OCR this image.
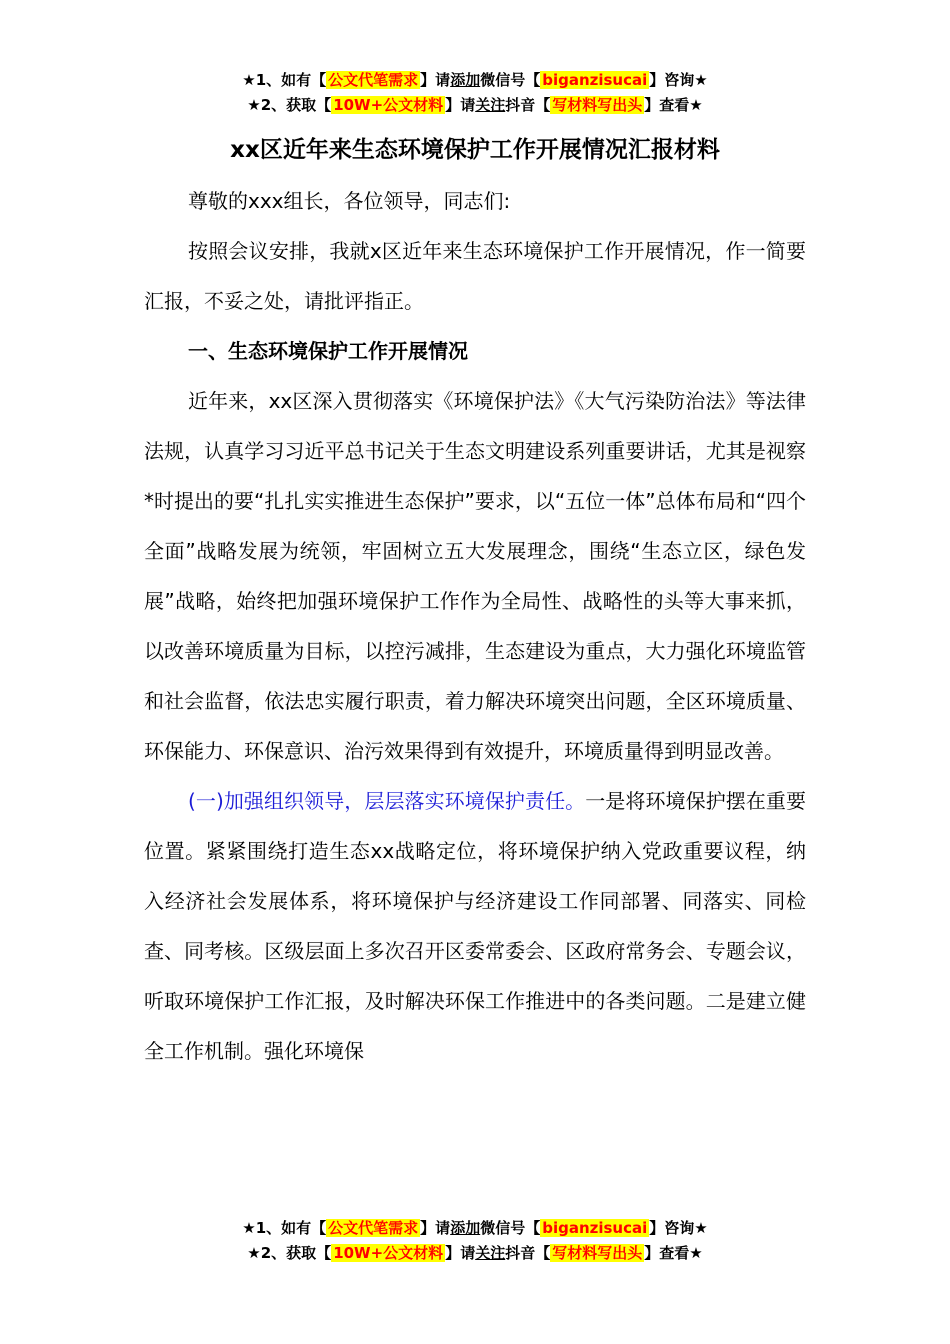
★1、如有【 公文代笔需求 】请添加微信号【 biganzisucai 】咨询★
★2、获取【 10W+公文材料 】请关注抖音【 写材料写出头 】查看★
xx区近年来生态环境保护工作开展情况汇报材料

尊敬的xxx组长，各位领导，同志们:

按照会议安排，我就x区近年来生态环境保护工作开展情况，作一简要汇报，不妥之处，请批评指正。

一、生态环境保护工作开展情况

近年来，xx区深入贯彻落实《环境保护法》《大气污染防治法》等法律法规，认真学习习近平总书记关于生态文明建设系列重要讲话，尤其是视察*时提出的要“扎扎实实推进生态保护”要求，以“五位一体”总体布局和“四个全面”战略发展为统领，牢固树立五大发展理念，围绕“生态立区，绿色发展”战略，始终把加强环境保护工作作为全局性、战略性的头等大事来抓，以改善环境质量为目标，以控污减排，生态建设为重点，大力强化环境监管和社会监督，依法忠实履行职责，着力解决环境突出问题，全区环境质量、环保能力、环保意识、治污效果得到有效提升，环境质量得到明显改善。

(一)加强组织领导，层层落实环境保护责任。一是将环境保护摆在重要位置。紧紧围绕打造生态xx战略定位，将环境保护纳入党政重要议程，纳入经济社会发展体系，将环境保护与经济建设工作同部署、同落实、同检查、同考核。区级层面上多次召开区委常委会、区政府常务会、专题会议，听取环境保护工作汇报，及时解决环保工作推进中的各类问题。二是建立健全工作机制。强化环境保

★1、如有【 公文代笔需求 】请添加微信号【 biganzisucai 】咨询★
★2、获取【 10W+公文材料 】请关注抖音【 写材料写出头 】查看★
